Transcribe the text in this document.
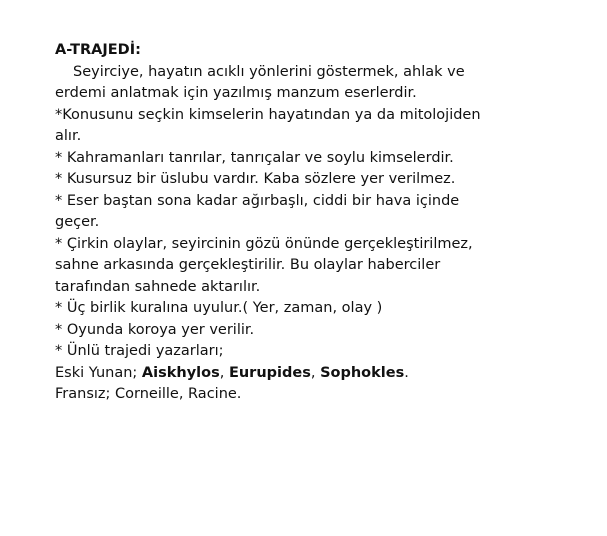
A-TRAJEDİ:

Seyirciye, hayatın acıklı yönlerini göstermek, ahlak ve

erdemi anlatmak için yazılmış manzum eserlerdir.

*Konusunu seçkin kimselerin hayatından ya da mitolojiden

alır.

* Kahramanları tanrılar, tanrıçalar ve soylu kimselerdir.

* Kusursuz bir üslubu vardır. Kaba sözlere yer verilmez.

* Eser baştan sona kadar ağırbaşlı, ciddi bir hava içinde

geçer.

* Çirkin olaylar, seyircinin gözü önünde gerçekleştirilmez,

sahne arkasında gerçekleştirilir. Bu olaylar haberciler

tarafından sahnede aktarılır.

* Üç birlik kuralına uyulur.( Yer, zaman, olay )

* Oyunda koroya yer verilir.

* Ünlü trajedi yazarları;

Eski Yunan; Aiskhylos, Eurupides, Sophokles.

Fransız; Corneille, Racine.
